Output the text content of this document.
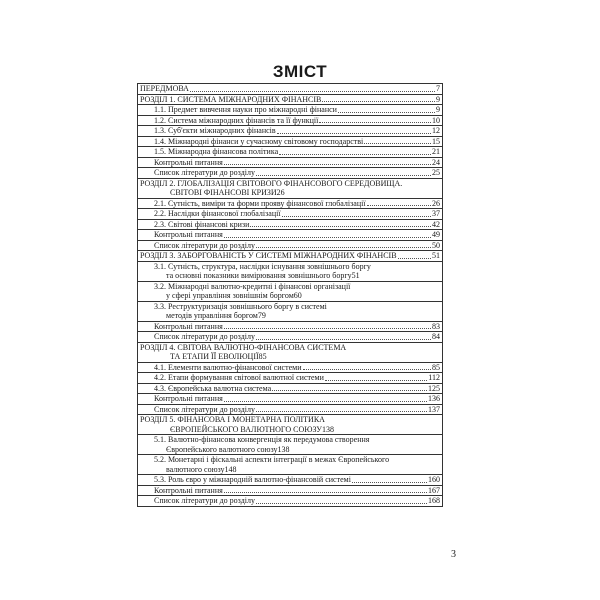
ЗМІСТ
ПЕРЕДМОВА	7

РОЗДІЛ 1. СИСТЕМА МІЖНАРОДНИХ ФІНАНСІВ	9

1.1. Предмет вивчення науки про міжнародні фінанси	9

1.2. Система міжнародних фінансів та її функції	10

1.3. Суб'єкти міжнародних фінансів	12

1.4. Міжнародні фінанси у сучасному світовому господарстві	15

1.5. Міжнародна фінансова політика	21

Контрольні питання	24

Список літератури до розділу	25

РОЗДІЛ 2. ГЛОБАЛІЗАЦІЯ СВІТОВОГО ФІНАНСОВОГО СЕРЕДОВИЩА.
СВІТОВІ ФІНАНСОВІ КРИЗИ 26

2.1. Сутність, виміри та форми прояву фінансової глобалізації	26

2.2. Наслідки фінансової глобалізації	37

2.3. Світові фінансові кризи	42

Контрольні питання	49

Список літератури до розділу	50

РОЗДІЛ 3. ЗАБОРГОВАНІСТЬ У СИСТЕМІ МІЖНАРОДНИХ ФІНАНСІВ	51

3.1. Сутність, структура, наслідки існування зовнішнього боргу
та основні показники вимірювання зовнішнього боргу 51

3.2. Міжнародні валютно-кредитні і фінансові організації
у сфері управління зовнішнім боргом 60

3.3. Реструктуризація зовнішнього боргу в системі
методів управління боргом 79

Контрольні питання	83

Список літератури до розділу	84

РОЗДІЛ 4. СВІТОВА ВАЛЮТНО-ФІНАНСОВА СИСТЕМА
ТА ЕТАПИ ЇЇ ЕВОЛЮЦІЇ 85

4.1. Елементи валютно-фінансової системи	85

4.2. Етапи формування світової валютної системи	112

4.3. Європейська валютна система	125

Контрольні питання	136

Список літератури до розділу	137

РОЗДІЛ 5. ФІНАНСОВА І МОНЕТАРНА ПОЛІТИКА
ЄВРОПЕЙСЬКОГО ВАЛЮТНОГО СОЮЗУ 138

5.1. Валютно-фінансова конвергенція як передумова створення
Європейського валютного союзу 138

5.2. Монетарні і фіскальні аспекти інтеграції в межах Європейського
валютного союзу 148

5.3. Роль євро у міжнародній валютно-фінансовій системі	160

Контрольні питання	167

Список літератури до розділу	168
3
